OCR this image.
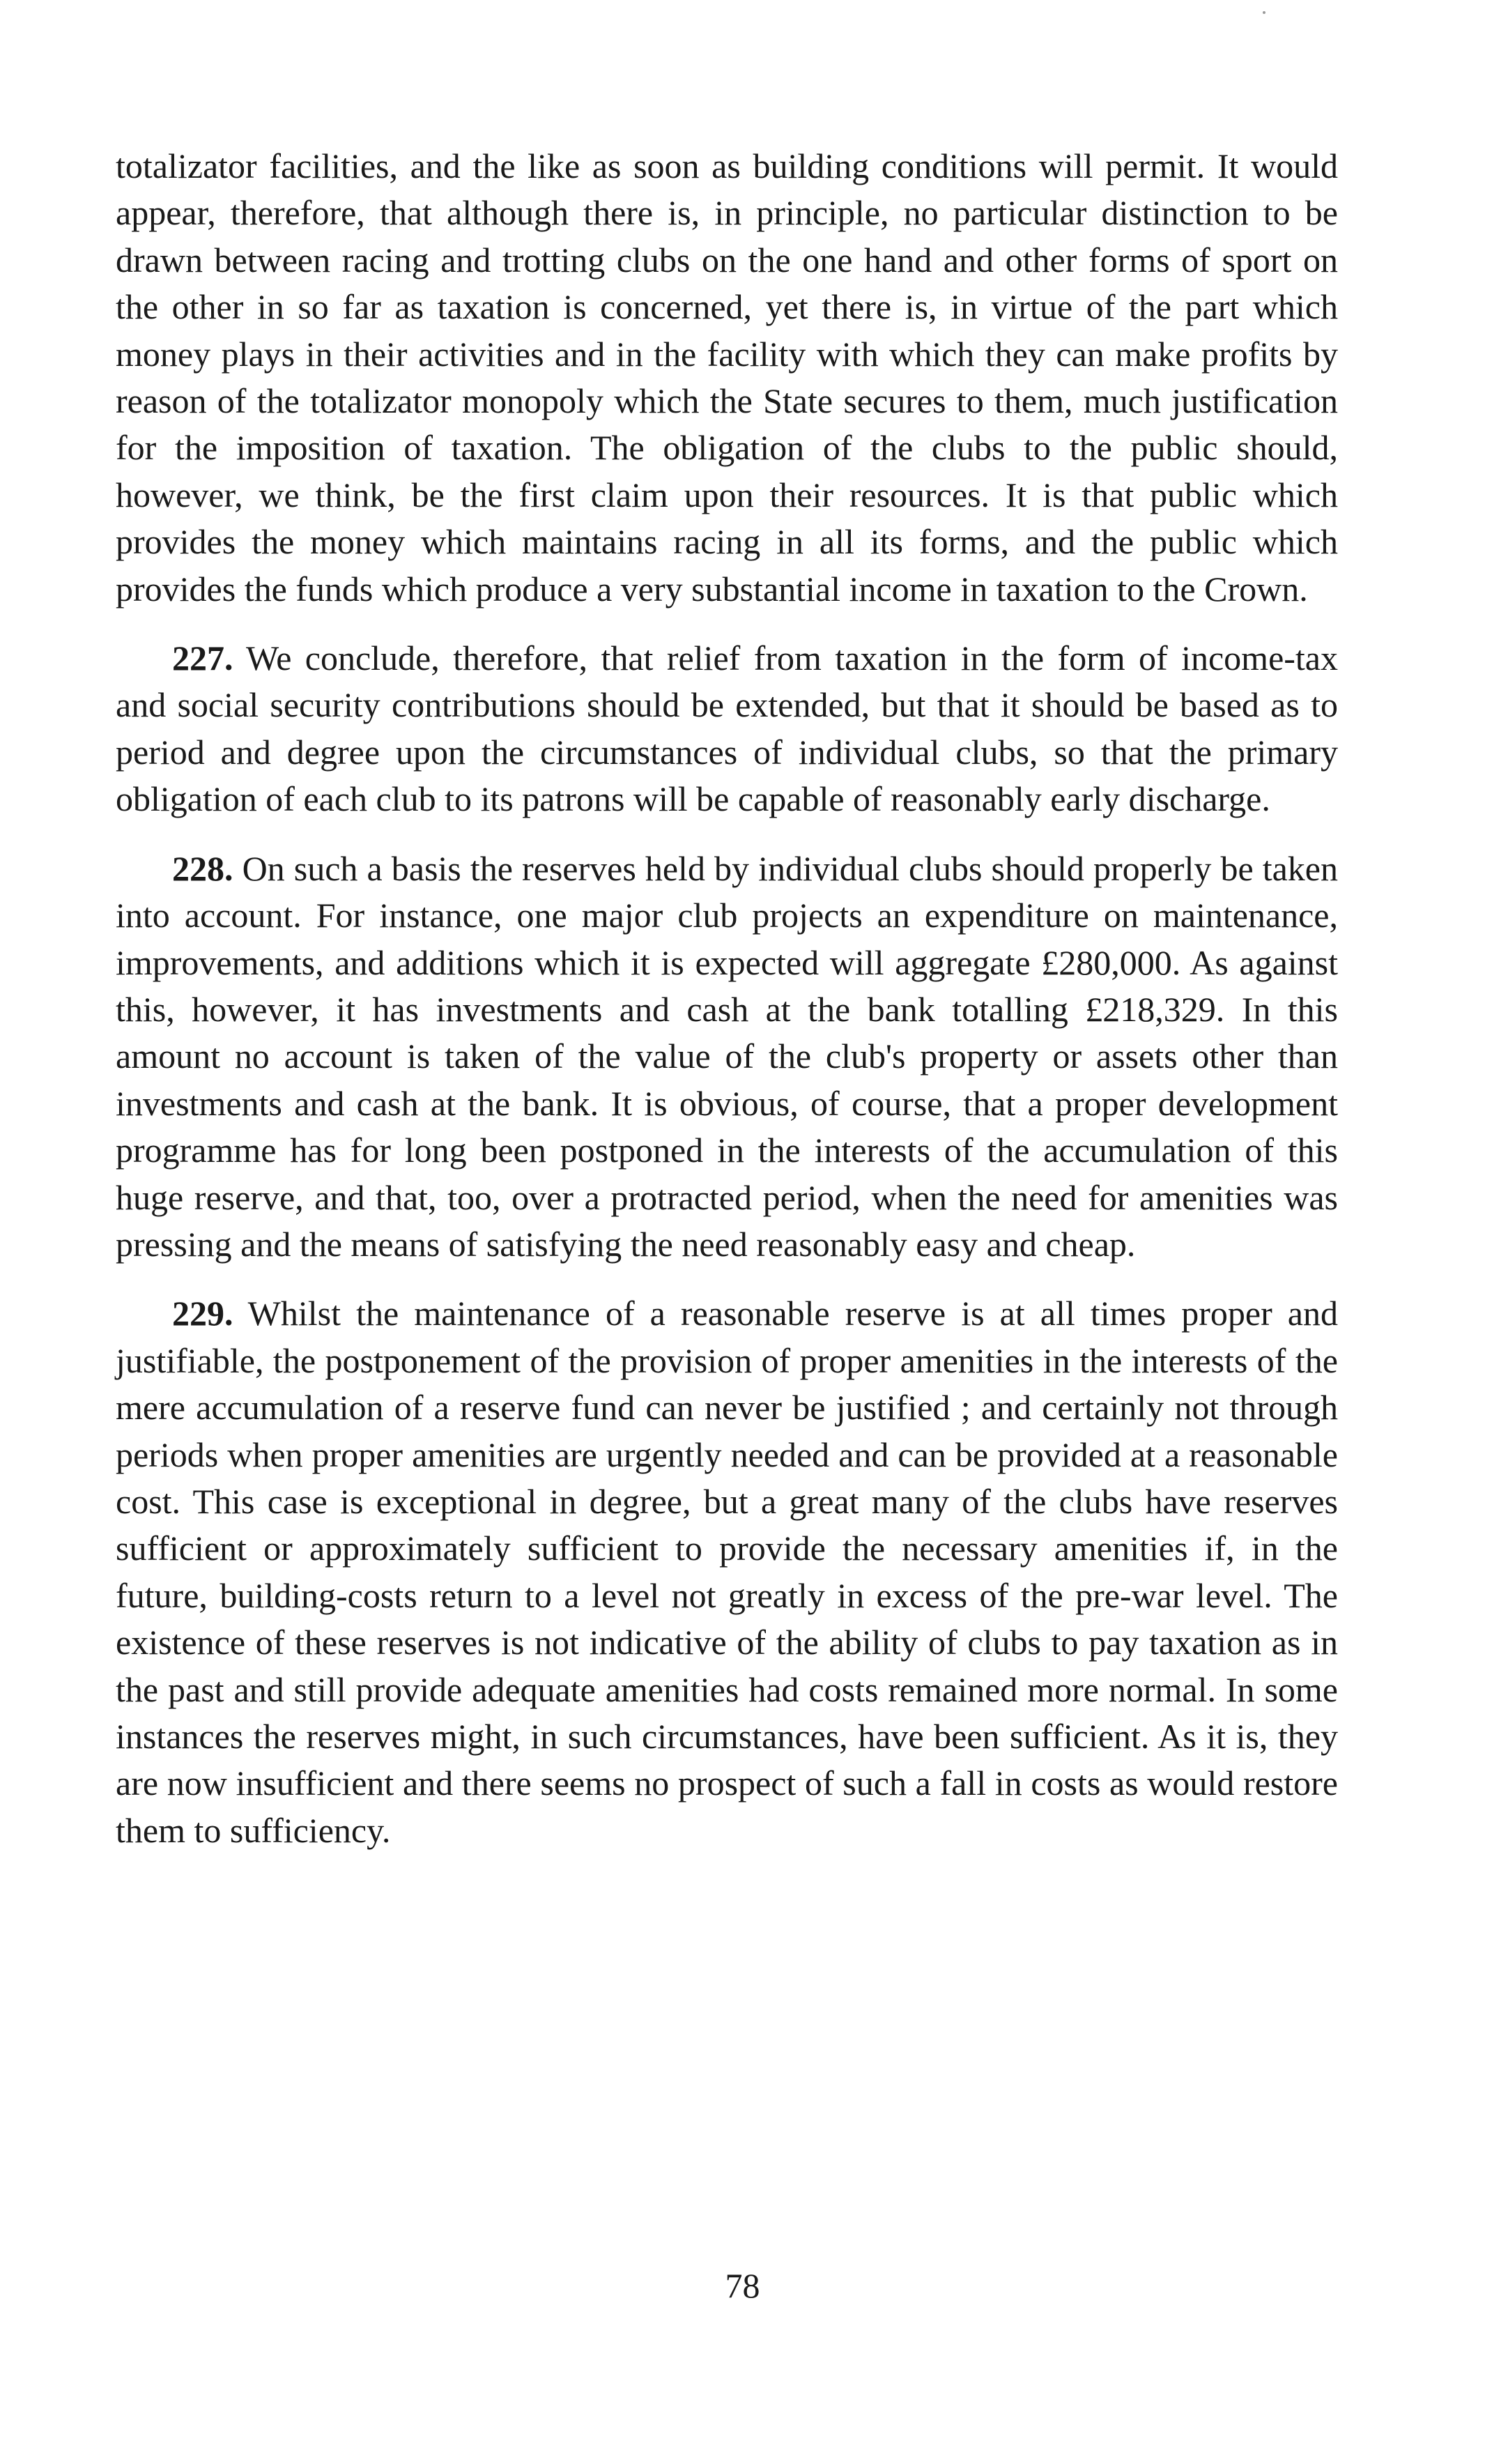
totalizator facilities, and the like as soon as building conditions will permit. It would appear, therefore, that although there is, in principle, no particular distinction to be drawn between racing and trotting clubs on the one hand and other forms of sport on the other in so far as taxation is concerned, yet there is, in virtue of the part which money plays in their activities and in the facility with which they can make profits by reason of the totalizator monopoly which the State secures to them, much justification for the imposition of taxation. The obligation of the clubs to the public should, however, we think, be the first claim upon their resources. It is that public which provides the money which maintains racing in all its forms, and the public which provides the funds which produce a very substantial income in taxation to the Crown.

227. We conclude, therefore, that relief from taxation in the form of income-tax and social security contributions should be extended, but that it should be based as to period and degree upon the circumstances of individual clubs, so that the primary obligation of each club to its patrons will be capable of reasonably early discharge.

228. On such a basis the reserves held by individual clubs should properly be taken into account. For instance, one major club projects an expenditure on maintenance, improvements, and additions which it is expected will aggregate £280,000. As against this, however, it has investments and cash at the bank totalling £218,329. In this amount no account is taken of the value of the club's property or assets other than investments and cash at the bank. It is obvious, of course, that a proper development programme has for long been postponed in the interests of the accumulation of this huge reserve, and that, too, over a protracted period, when the need for amenities was pressing and the means of satisfying the need reasonably easy and cheap.

229. Whilst the maintenance of a reasonable reserve is at all times proper and justifiable, the postponement of the provision of proper amenities in the interests of the mere accumulation of a reserve fund can never be justified ; and certainly not through periods when proper amenities are urgently needed and can be provided at a reasonable cost. This case is exceptional in degree, but a great many of the clubs have reserves sufficient or approximately sufficient to provide the necessary amenities if, in the future, building-costs return to a level not greatly in excess of the pre-war level. The existence of these reserves is not indicative of the ability of clubs to pay taxation as in the past and still provide adequate amenities had costs remained more normal. In some instances the reserves might, in such circumstances, have been sufficient. As it is, they are now insufficient and there seems no prospect of such a fall in costs as would restore them to sufficiency.

78
